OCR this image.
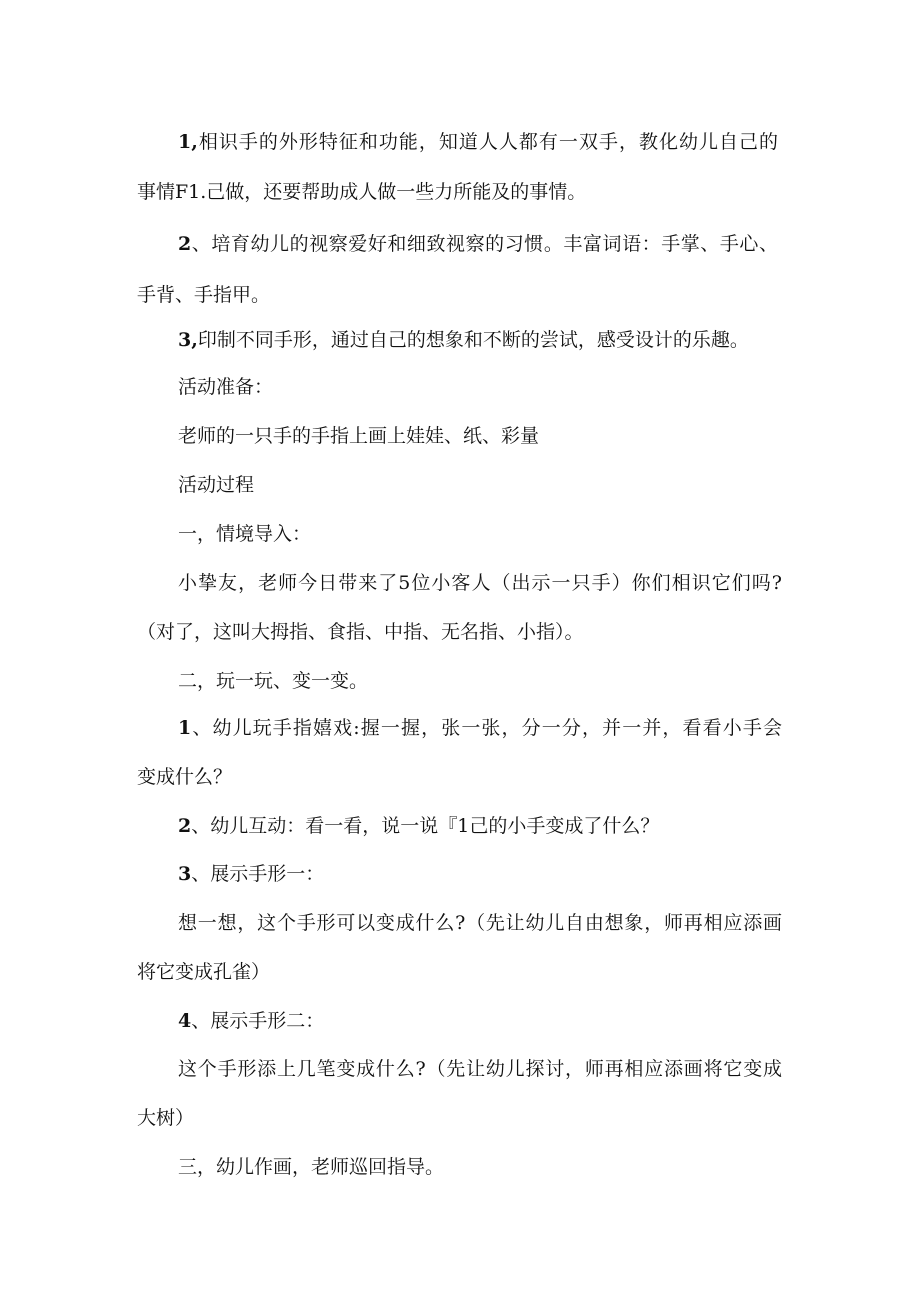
1,相识手的外形特征和功能，知道人人都有一双手，教化幼儿自己的
事情F1.己做，还要帮助成人做一些力所能及的事情。
2、培育幼儿的视察爱好和细致视察的习惯。丰富词语：手掌、手心、
手背、手指甲。
3,印制不同手形，通过自己的想象和不断的尝试，感受设计的乐趣。
活动准备：
老师的一只手的手指上画上娃娃、纸、彩量
活动过程
一，情境导入：
小挚友，老师今日带来了5位小客人（出示一只手）你们相识它们吗?
（对了，这叫大拇指、食指、中指、无名指、小指）。
二，玩一玩、变一变。
1、幼儿玩手指嬉戏:握一握，张一张，分一分，并一并，看看小手会
变成什么？
2、幼儿互动：看一看，说一说『1己的小手变成了什么？
3、展示手形一：
想一想，这个手形可以变成什么?（先让幼儿自由想象，师再相应添画
将它变成孔雀）
4、展示手形二：
这个手形添上几笔变成什么?（先让幼儿探讨，师再相应添画将它变成
大树）
三，幼儿作画，老师巡回指导。
